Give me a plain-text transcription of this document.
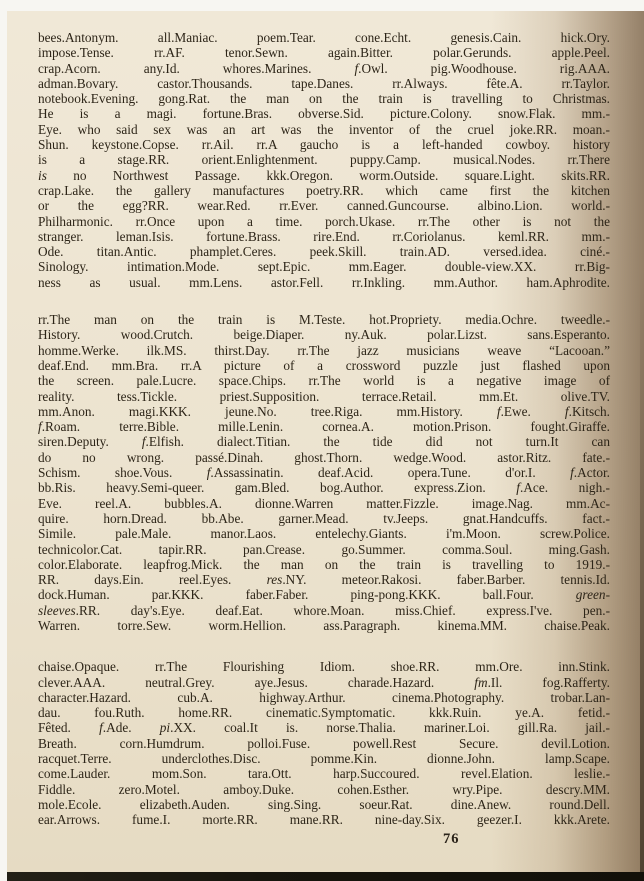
bees.Antonym. all.Maniac. poem.Tear. cone.Echt. genesis.Cain. hick.Ory.
impose.Tense. rr.AF. tenor.Sewn. again.Bitter. polar.Gerunds. apple.Peel.
crap.Acorn. any.Id. whores.Marines. f.Owl. pig.Woodhouse. rig.AAA.
adman.Bovary. castor.Thousands. tape.Danes. rr.Always. fête.A. rr.Taylor.
notebook.Evening. gong.Rat. the man on the train is travelling to Christmas.
He is a magi. fortune.Bras. obverse.Sid. picture.Colony. snow.Flak. mm.-
Eye. who said sex was an art was the inventor of the cruel joke.RR. moan.-
Shun. keystone.Copse. rr.Ail. rr.A gaucho is a left-handed cowboy. history
is a stage.RR. orient.Enlightenment. puppy.Camp. musical.Nodes. rr.There
is no Northwest Passage. kkk.Oregon. worm.Outside. square.Light. skits.RR.
crap.Lake. the gallery manufactures poetry.RR. which came first the kitchen
or the egg?RR. wear.Red. rr.Ever. canned.Guncourse. albino.Lion. world.-
Philharmonic. rr.Once upon a time. porch.Ukase. rr.The other is not the
stranger. leman.Isis. fortune.Brass. rire.End. rr.Coriolanus. keml.RR. mm.-
Ode. titan.Antic. phamplet.Ceres. peek.Skill. train.AD. versed.idea. ciné.-
Sinology. intimation.Mode. sept.Epic. mm.Eager. double-view.XX. rr.Big-
ness as usual. mm.Lens. astor.Fell. rr.Inkling. mm.Author. ham.Aphrodite.
rr.The man on the train is M.Teste. hot.Propriety. media.Ochre. tweedle.-
History. wood.Crutch. beige.Diaper. ny.Auk. polar.Lizst. sans.Esperanto.
homme.Werke. ilk.MS. thirst.Day. rr.The jazz musicians weave “Lacooan.”
deaf.End. mm.Bra. rr.A picture of a crossword puzzle just flashed upon
the screen. pale.Lucre. space.Chips. rr.The world is a negative image of
reality. tess.Tickle. priest.Supposition. terrace.Retail. mm.Et. olive.TV.
mm.Anon. magi.KKK. jeune.No. tree.Riga. mm.History. f.Ewe. f.Kitsch.
f.Roam. terre.Bible. mille.Lenin. cornea.A. motion.Prison. fought.Giraffe.
siren.Deputy. f.Elfish. dialect.Titian. the tide did not turn.It can
do no wrong. passé.Dinah. ghost.Thorn. wedge.Wood. astor.Ritz. fate.-
Schism. shoe.Vous. f.Assassinatin. deaf.Acid. opera.Tune. d'or.I. f.Actor.
bb.Ris. heavy.Semi-queer. gam.Bled. bog.Author. express.Zion. f.Ace. nigh.-
Eve. reel.A. bubbles.A. dionne.Warren matter.Fizzle. image.Nag. mm.Ac-
quire. horn.Dread. bb.Abe. garner.Mead. tv.Jeeps. gnat.Handcuffs. fact.-
Simile. pale.Male. manor.Laos. entelechy.Giants. i'm.Moon. screw.Police.
technicolor.Cat. tapir.RR. pan.Crease. go.Summer. comma.Soul. ming.Gash.
color.Elaborate. leapfrog.Mick. the man on the train is travelling to 1919.-
RR. days.Ein. reel.Eyes. res.NY. meteor.Rakosi. faber.Barber. tennis.Id.
dock.Human. par.KKK. faber.Faber. ping-pong.KKK. ball.Four. green-
sleeves.RR. day's.Eye. deaf.Eat. whore.Moan. miss.Chief. express.I've. pen.-
Warren. torre.Sew. worm.Hellion. ass.Paragraph. kinema.MM. chaise.Peak.
chaise.Opaque. rr.The Flourishing Idiom. shoe.RR. mm.Ore. inn.Stink.
clever.AAA. neutral.Grey. aye.Jesus. charade.Hazard. fm.Il. fog.Rafferty.
character.Hazard. cub.A. highway.Arthur. cinema.Photography. trobar.Lan-
dau. fou.Ruth. home.RR. cinematic.Symptomatic. kkk.Ruin. ye.A. fetid.-
Fêted. f.Ade. pi.XX. coal.It is. norse.Thalia. mariner.Loi. gill.Ra. jail.-
Breath. corn.Humdrum. polloi.Fuse. powell.Rest Secure. devil.Lotion.
racquet.Terre. underclothes.Disc. pomme.Kin. dionne.John. lamp.Scape.
come.Lauder. mom.Son. tara.Ott. harp.Succoured. revel.Elation. leslie.-
Fiddle. zero.Motel. amboy.Duke. cohen.Esther. wry.Pipe. descry.MM.
mole.Ecole. elizabeth.Auden. sing.Sing. soeur.Rat. dine.Anew. round.Dell.
ear.Arrows. fume.I. morte.RR. mane.RR. nine-day.Six. geezer.I. kkk.Arete.
76
